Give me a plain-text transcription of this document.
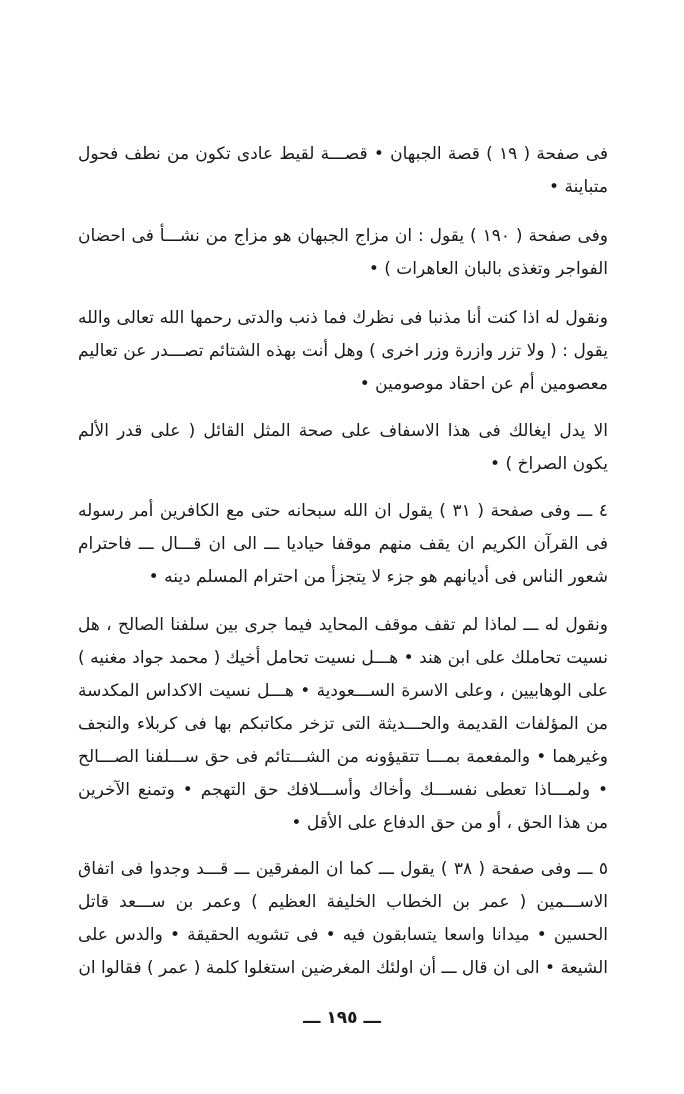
فى صفحة ( ١٩ ) قصة الجبهان • قصـــة لقيط عادى تكون من نطف فحول متباينة •

وفى صفحة ( ١٩٠ ) يقول : ان مزاج الجبهان هو مزاج من نشـــأ فى احضان الفواجر وتغذى بالبان العاهرات ) •

ونقول له اذا كنت أنا مذنبا فى نظرك فما ذنب والدتى رحمها الله تعالى والله يقول : ( ولا تزر وازرة وزر اخرى ) وهل أنت بهذه الشتائم تصـــدر عن تعاليم معصومين أم عن احقاد موصومين •

الا يدل ايغالك فى هذا الاسفاف على صحة المثل القائل ( على قدر الألم يكون الصراخ ) •

٤ ـــ وفى صفحة ( ٣١ ) يقول ان الله سبحانه حتى مع الكافرين أمر رسوله فى القرآن الكريم ان يقف منهم موقفا حياديا ـــ الى ان قـــال ـــ فاحترام شعور الناس فى أديانهم هو جزء لا يتجزأ من احترام المسلم دينه •

ونقول له ـــ لماذا لم تقف موقف المحايد فيما جرى بين سلفنا الصالح ، هل نسيت تحاملك على ابن هند • هـــل نسيت تحامل أخيك ( محمد جواد مغنيه ) على الوهابيين ، وعلى الاسرة الســـعودية • هـــل نسيت الاكداس المكدسة من المؤلفات القديمة والحـــديثة التى تزخر مكاتبكم بها فى كربلاء والنجف وغيرهما • والمفعمة بمـــا تتقيؤونه من الشـــتائم فى حق ســـلفنا الصـــالح • ولمـــاذا تعطى نفســـك وأخاك وأســـلافك حق التهجم • وتمنع الآخرين من هذا الحق ، أو من حق الدفاع على الأقل •

٥ ـــ وفى صفحة ( ٣٨ ) يقول ـــ كما ان المفرقين ـــ قـــد وجدوا فى اتفاق الاســـمين ( عمر بن الخطاب الخليفة العظيم ) وعمر بن ســـعد قاتل الحسين • ميدانا واسعا يتسابقون فيه • فى تشويه الحقيقة • والدس على الشيعة • الى ان قال ـــ أن اولئك المغرضين استغلوا كلمة ( عمر ) فقالوا ان

ـــ ١٩٥ ـــ
